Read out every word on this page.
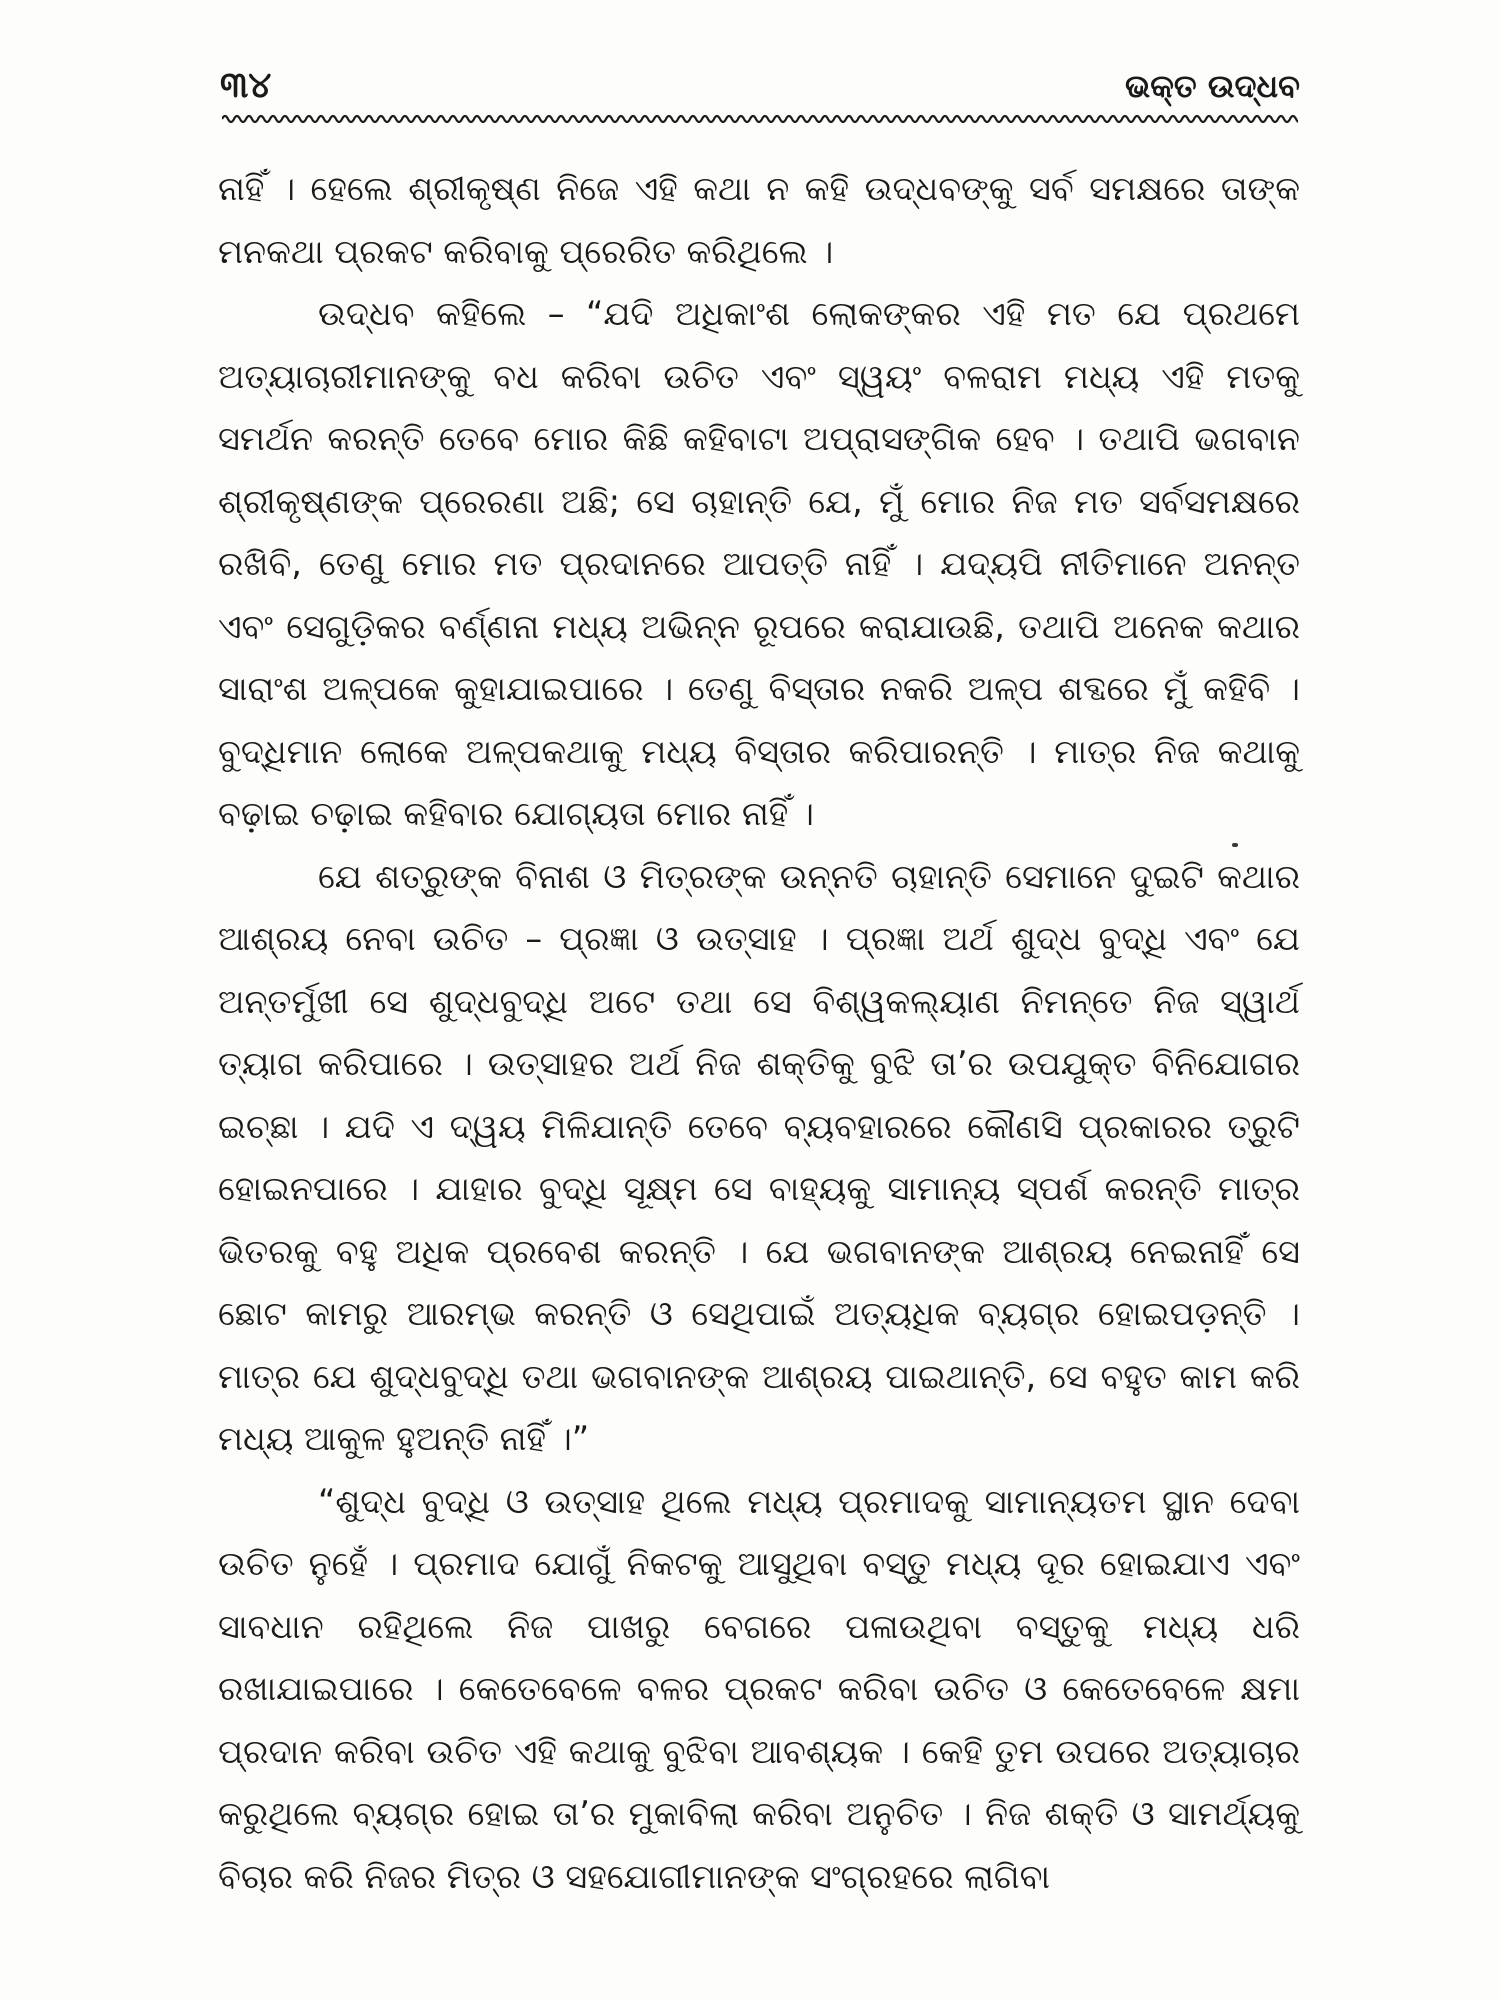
୩୪	ଭକ୍ତ ଉଦ୍ଧବ

ନାହିଁ । ହେଲେ ଶ୍ରୀକୃଷ୍ଣ ନିଜେ ଏହି କଥା ନ କହି ଉଦ୍ଧବଙ୍କୁ ସର୍ବ ସମକ୍ଷରେ ତାଙ୍କ ମନକଥା ପ୍ରକଟ କରିବାକୁ ପ୍ରେରିତ କରିଥିଲେ ।

ଉଦ୍ଧବ କହିଲେ – “ଯଦି ଅଧିକାଂଶ ଲୋକଙ୍କର ଏହି ମତ ଯେ ପ୍ରଥମେ ଅତ୍ୟାଚାରୀମାନଙ୍କୁ ବଧ କରିବା ଉଚିତ ଏବଂ ସ୍ୱୟଂ ବଳରାମ ମଧ୍ୟ ଏହି ମତକୁ ସମର୍ଥନ କରନ୍ତି ତେବେ ମୋର କିଛି କହିବାଟା ଅପ୍ରାସଙ୍ଗିକ ହେବ । ତଥାପି ଭଗବାନ ଶ୍ରୀକୃଷ୍ଣଙ୍କ ପ୍ରେରଣା ଅଛି; ସେ ଚାହାନ୍ତି ଯେ, ମୁଁ ମୋର ନିଜ ମତ ସର୍ବସମକ୍ଷରେ ରଖିବି, ତେଣୁ ମୋର ମତ ପ୍ରଦାନରେ ଆପତ୍ତି ନାହିଁ । ଯଦ୍ୟପି ନୀତିମାନେ ଅନନ୍ତ ଏବଂ ସେଗୁଡ଼ିକର ବର୍ଣ୍ଣନା ମଧ୍ୟ ଅଭିନ୍ନ ରୂପରେ କରାଯାଉଛି, ତଥାପି ଅନେକ କଥାର ସାରାଂଶ ଅଳ୍ପକେ କୁହାଯାଇପାରେ । ତେଣୁ ବିସ୍ତାର ନକରି ଅଳ୍ପ ଶବ୍ଦରେ ମୁଁ କହିବି । ବୁଦ୍ଧିମାନ ଲୋକେ ଅଳ୍ପକଥାକୁ ମଧ୍ୟ ବିସ୍ତାର କରିପାରନ୍ତି । ମାତ୍ର ନିଜ କଥାକୁ ବଢ଼ାଇ ଚଢ଼ାଇ କହିବାର ଯୋଗ୍ୟତା ମୋର ନାହିଁ ।

ଯେ ଶତ୍ରୁଙ୍କ ବିନାଶ ଓ ମିତ୍ରଙ୍କ ଉନ୍ନତି ଚାହାନ୍ତି ସେମାନେ ଦୁଇଟି କଥାର ଆଶ୍ରୟ ନେବା ଉଚିତ – ପ୍ରଜ୍ଞା ଓ ଉତ୍ସାହ । ପ୍ରଜ୍ଞା ଅର୍ଥ ଶୁଦ୍ଧ ବୁଦ୍ଧି ଏବଂ ଯେ ଅନ୍ତର୍ମୁଖୀ ସେ ଶୁଦ୍ଧବୁଦ୍ଧି ଅଟେ ତଥା ସେ ବିଶ୍ୱକଲ୍ୟାଣ ନିମନ୍ତେ ନିଜ ସ୍ୱାର୍ଥ ତ୍ୟାଗ କରିପାରେ । ଉତ୍ସାହର ଅର୍ଥ ନିଜ ଶକ୍ତିକୁ ବୁଝି ତା’ର ଉପଯୁକ୍ତ ବିନିଯୋଗର ଇଚ୍ଛା । ଯଦି ଏ ଦ୍ୱୟ ମିଳିଯାନ୍ତି ତେବେ ବ୍ୟବହାରରେ କୌଣସି ପ୍ରକାରର ତ୍ରୁଟି ହୋଇନପାରେ । ଯାହାର ବୁଦ୍ଧି ସୂକ୍ଷ୍ମ ସେ ବାହ୍ୟକୁ ସାମାନ୍ୟ ସ୍ପର୍ଶ କରନ୍ତି ମାତ୍ର ଭିତରକୁ ବହୁ ଅଧିକ ପ୍ରବେଶ କରନ୍ତି । ଯେ ଭଗବାନଙ୍କ ଆଶ୍ରୟ ନେଇନାହିଁ ସେ ଛୋଟ କାମରୁ ଆରମ୍ଭ କରନ୍ତି ଓ ସେଥିପାଇଁ ଅତ୍ୟଧିକ ବ୍ୟଗ୍ର ହୋଇପଡ଼ନ୍ତି । ମାତ୍ର ଯେ ଶୁଦ୍ଧବୁଦ୍ଧି ତଥା ଭଗବାନଙ୍କ ଆଶ୍ରୟ ପାଇଥାନ୍ତି, ସେ ବହୁତ କାମ କରି ମଧ୍ୟ ଆକୁଳ ହୁଅନ୍ତି ନାହିଁ ।”

“ଶୁଦ୍ଧ ବୁଦ୍ଧି ଓ ଉତ୍ସାହ ଥିଲେ ମଧ୍ୟ ପ୍ରମାଦକୁ ସାମାନ୍ୟତମ ସ୍ଥାନ ଦେବା ଉଚିତ ନୁହେଁ । ପ୍ରମାଦ ଯୋଗୁଁ ନିକଟକୁ ଆସୁଥିବା ବସ୍ତୁ ମଧ୍ୟ ଦୂର ହୋଇଯାଏ ଏବଂ ସାବଧାନ ରହିଥିଲେ ନିଜ ପାଖରୁ ବେଗରେ ପଳାଉଥିବା ବସ୍ତୁକୁ ମଧ୍ୟ ଧରି ରଖାଯାଇପାରେ । କେତେବେଳେ ବଳର ପ୍ରକଟ କରିବା ଉଚିତ ଓ କେତେବେଳେ କ୍ଷମା ପ୍ରଦାନ କରିବା ଉଚିତ ଏହି କଥାକୁ ବୁଝିବା ଆବଶ୍ୟକ । କେହି ତୁମ ଉପରେ ଅତ୍ୟାଚାର କରୁଥିଲେ ବ୍ୟଗ୍ର ହୋଇ ତା’ର ମୁକାବିଲା କରିବା ଅନୁଚିତ । ନିଜ ଶକ୍ତି ଓ ସାମର୍ଥ୍ୟକୁ ବିଚାର କରି ନିଜର ମିତ୍ର ଓ ସହଯୋଗୀମାନଙ୍କ ସଂଗ୍ରହରେ ଲାଗିବା
